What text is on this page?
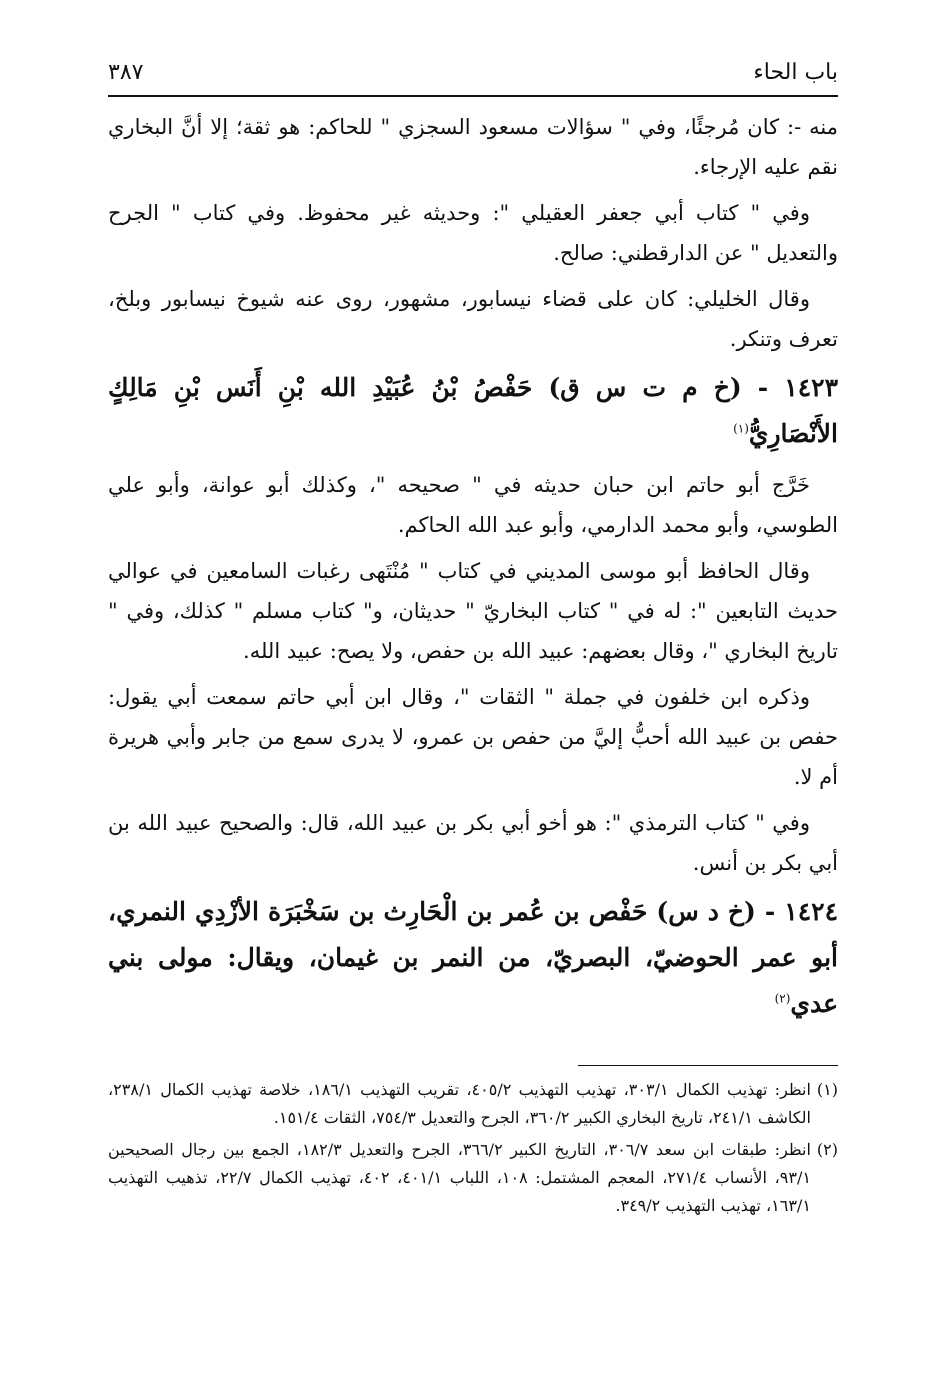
باب الحاء
٣٨٧

منه -: كان مُرجئًا، وفي " سؤالات مسعود السجزي " للحاكم: هو ثقة؛ إلا أنَّ البخاري نقم عليه الإرجاء.

وفي " كتاب أبي جعفر العقيلي ": وحديثه غير محفوظ. وفي كتاب " الجرح والتعديل " عن الدارقطني: صالح.

وقال الخليلي: كان على قضاء نيسابور، مشهور، روى عنه شيوخ نيسابور وبلخ، تعرف وتنكر.

١٤٢٣ - (خ م ت س ق) حَفْصُ بْنُ عُبَيْدِ الله بْنِ أَنَس بْنِ مَالِكٍ الأَنْصَارِيُّ$^{(١)}$

خَرَّج أبو حاتم ابن حبان حديثه في " صحيحه "، وكذلك أبو عوانة، وأبو علي الطوسي، وأبو محمد الدارمي، وأبو عبد الله الحاكم.

وقال الحافظ أبو موسى المديني في كتاب " مُنْتَهى رغبات السامعين في عوالي حديث التابعين ": له في " كتاب البخاريّ " حديثان، و" كتاب مسلم " كذلك، وفي " تاريخ البخاري "، وقال بعضهم: عبيد الله بن حفص، ولا يصح: عبيد الله.

وذكره ابن خلفون في جملة " الثقات "، وقال ابن أبي حاتم سمعت أبي يقول: حفص بن عبيد الله أحبُّ إليَّ من حفص بن عمرو، لا يدرى سمع من جابر وأبي هريرة أم لا.

وفي " كتاب الترمذي ": هو أخو أبي بكر بن عبيد الله، قال: والصحيح عبيد الله بن أبي بكر بن أنس.

١٤٢٤ - (خ د س) حَفْص بن عُمر بن الْحَارِث بن سَخْبَرَة الأزْدِي النمري، أبو عمر الحوضيّ، البصريّ، من النمر بن غيمان، ويقال: مولى بني عدي$^{(٢)}$
(١)
انظر: تهذيب الكمال ٣٠٣/١، تهذيب التهذيب ٤٠٥/٢، تقريب التهذيب ١٨٦/١، خلاصة تهذيب الكمال ٢٣٨/١، الكاشف ٢٤١/١، تاريخ البخاري الكبير ٣٦٠/٢، الجرح والتعديل ٧٥٤/٣، الثقات ١٥١/٤.
(٢)
انظر: طبقات ابن سعد ٣٠٦/٧، التاريخ الكبير ٣٦٦/٢، الجرح والتعديل ١٨٢/٣، الجمع بين رجال الصحيحين ٩٣/١، الأنساب ٢٧١/٤، المعجم المشتمل: ١٠٨، اللباب ٤٠١/١، ٤٠٢، تهذيب الكمال ٢٢/٧، تذهيب التهذيب ١٦٣/١، تهذيب التهذيب ٣٤٩/٢.
